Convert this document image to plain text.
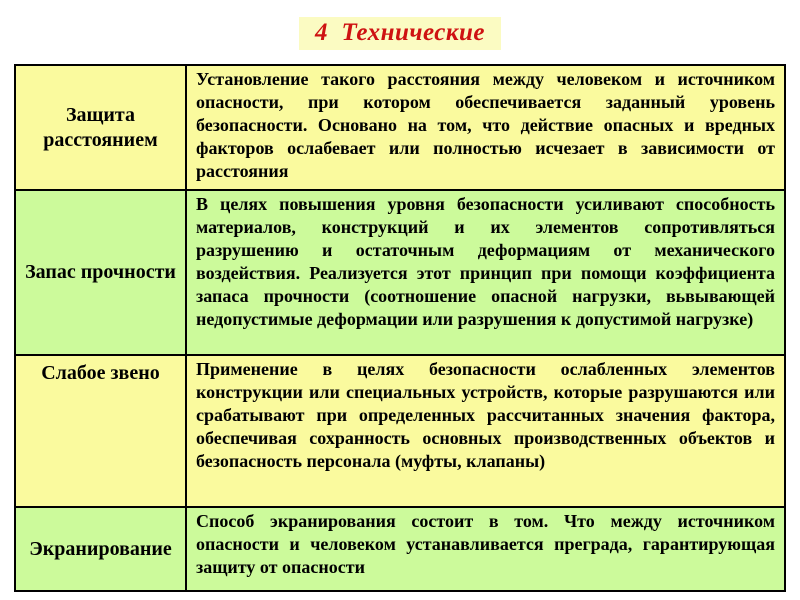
4  Технические
Защита расстоянием	Установление такого расстояния между человеком и источником опасности, при котором обеспечивается заданный уровень безопасности. Основано на том, что действие опасных и вредных факторов ослабевает или полностью исчезает в зависимости от расстояния
Запас прочности	В целях повышения уровня безопасности усиливают способность материалов, конструкций и их элементов сопротивляться разрушению и остаточным деформациям от механического воздействия. Реализуется этот принцип при помощи коэффициента запаса прочности (соотношение опасной нагрузки, вьвывающей недопустимые деформации или разрушения к допустимой нагрузке)
Слабое звено	Применение в целях безопасности ослабленных элементов конструкции или специальных устройств, которые разрушаются или срабатывают при определенных рассчитанных значения фактора, обеспечивая сохранность основных производственных объектов и безопасность персонала (муфты, клапаны)
Экранирование	Способ экранирования состоит в том. Что между источником опасности и человеком устанавливается преграда, гарантирующая защиту от опасности
